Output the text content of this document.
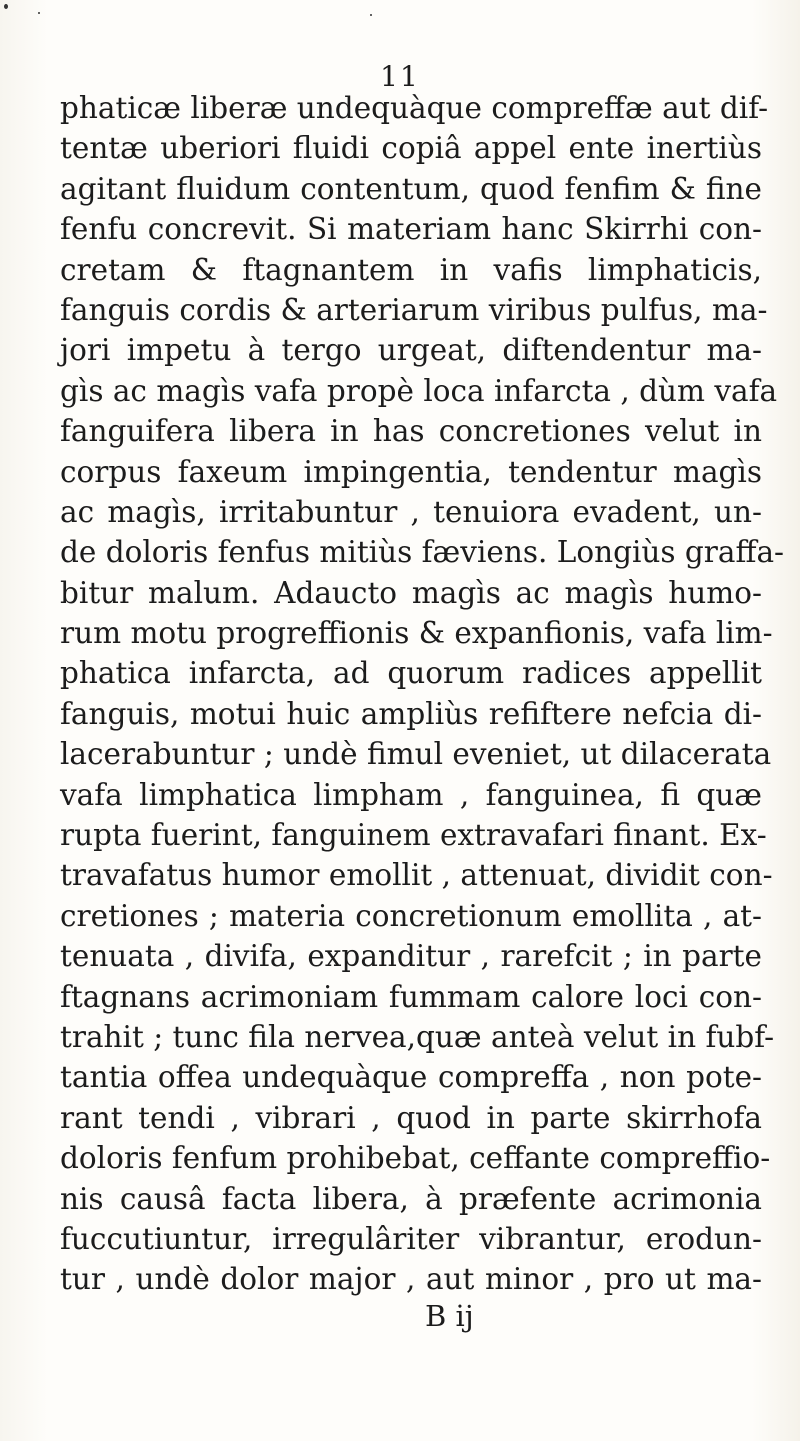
11
phaticæ liberæ undequàque compreffæ aut dif-
tentæ uberiori fluidi copiâ appel ente inertiùs
agitant fluidum contentum, quod fenfim & fine
fenfu concrevit. Si materiam hanc Skirrhi con-
cretam & ftagnantem in vafis limphaticis,
fanguis cordis & arteriarum viribus pulfus, ma-
jori impetu à tergo urgeat, diftendentur ma-
gìs ac magìs vafa propè loca infarcta , dùm vafa
fanguifera libera in has concretiones velut in
corpus faxeum impingentia, tendentur magìs
ac magìs, irritabuntur , tenuiora evadent, un-
de doloris fenfus mitiùs fæviens. Longiùs graffa-
bitur malum. Adaucto magìs ac magìs humo-
rum motu progreffionis & expanfionis, vafa lim-
phatica infarcta, ad quorum radices appellit
fanguis, motui huic ampliùs refiftere nefcia di-
lacerabuntur ; undè fimul eveniet, ut dilacerata
vafa limphatica limpham , fanguinea, fi quæ
rupta fuerint, fanguinem extravafari finant. Ex-
travafatus humor emollit , attenuat, dividit con-
cretiones ; materia concretionum emollita , at-
tenuata , divifa, expanditur , rarefcit ; in parte
ftagnans acrimoniam fummam calore loci con-
trahit ; tunc fila nervea,quæ anteà velut in fubf-
tantia offea undequàque compreffa , non pote-
rant tendi , vibrari , quod in parte skirrhofa
doloris fenfum prohibebat, ceffante compreffio-
nis causâ facta libera, à præfente acrimonia
fuccutiuntur, irregulâriter vibrantur, erodun-
tur , undè dolor major , aut minor , pro ut ma-
B ij
